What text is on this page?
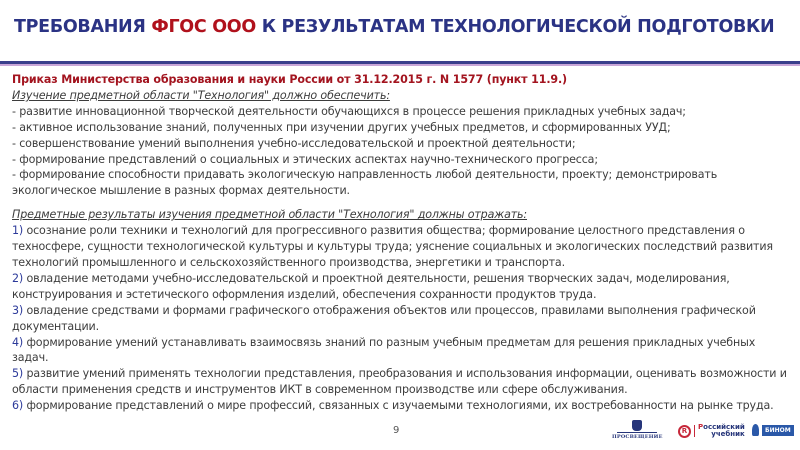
ТРЕБОВАНИЯ ФГОС ООО К РЕЗУЛЬТАТАМ ТЕХНОЛОГИЧЕСКОЙ ПОДГОТОВКИ
Приказ Министерства образования и науки России от 31.12.2015 г. N 1577 (пункт 11.9.)
Изучение предметной области "Технология" должно обеспечить:
- развитие инновационной творческой деятельности обучающихся в процессе решения прикладных учебных задач;
- активное использование знаний, полученных при изучении других учебных предметов, и сформированных УУД;
- совершенствование умений выполнения учебно-исследовательской и проектной деятельности;
- формирование представлений о социальных и этических аспектах научно-технического прогресса;
- формирование способности придавать экологическую направленность любой деятельности, проекту; демонстрировать экологическое мышление в разных формах деятельности.
Предметные результаты изучения предметной области "Технология" должны отражать:
1) осознание роли техники и технологий для прогрессивного развития общества; формирование целостного представления о техносфере, сущности технологической культуры и культуры труда; уяснение социальных и экологических последствий развития технологий промышленного и сельскохозяйственного производства, энергетики и транспорта.
2) овладение методами учебно-исследовательской и проектной деятельности, решения творческих задач, моделирования, конструирования и эстетического оформления изделий, обеспечения сохранности продуктов труда.
3) овладение средствами и формами графического отображения объектов или процессов, правилами выполнения графической документации.
4) формирование умений устанавливать взаимосвязь знаний по разным учебным предметам для решения прикладных учебных задач.
5) развитие умений применять технологии представления, преобразования и использования информации, оценивать возможности и области применения средств и инструментов ИКТ в современном производстве или сфере обслуживания.
6) формирование представлений о мире профессий, связанных с изучаемыми технологиями, их востребованности на рынке труда.
9
ПРОСВЕЩЕНИЕ
R	Российский
учебник	БИНОМ
